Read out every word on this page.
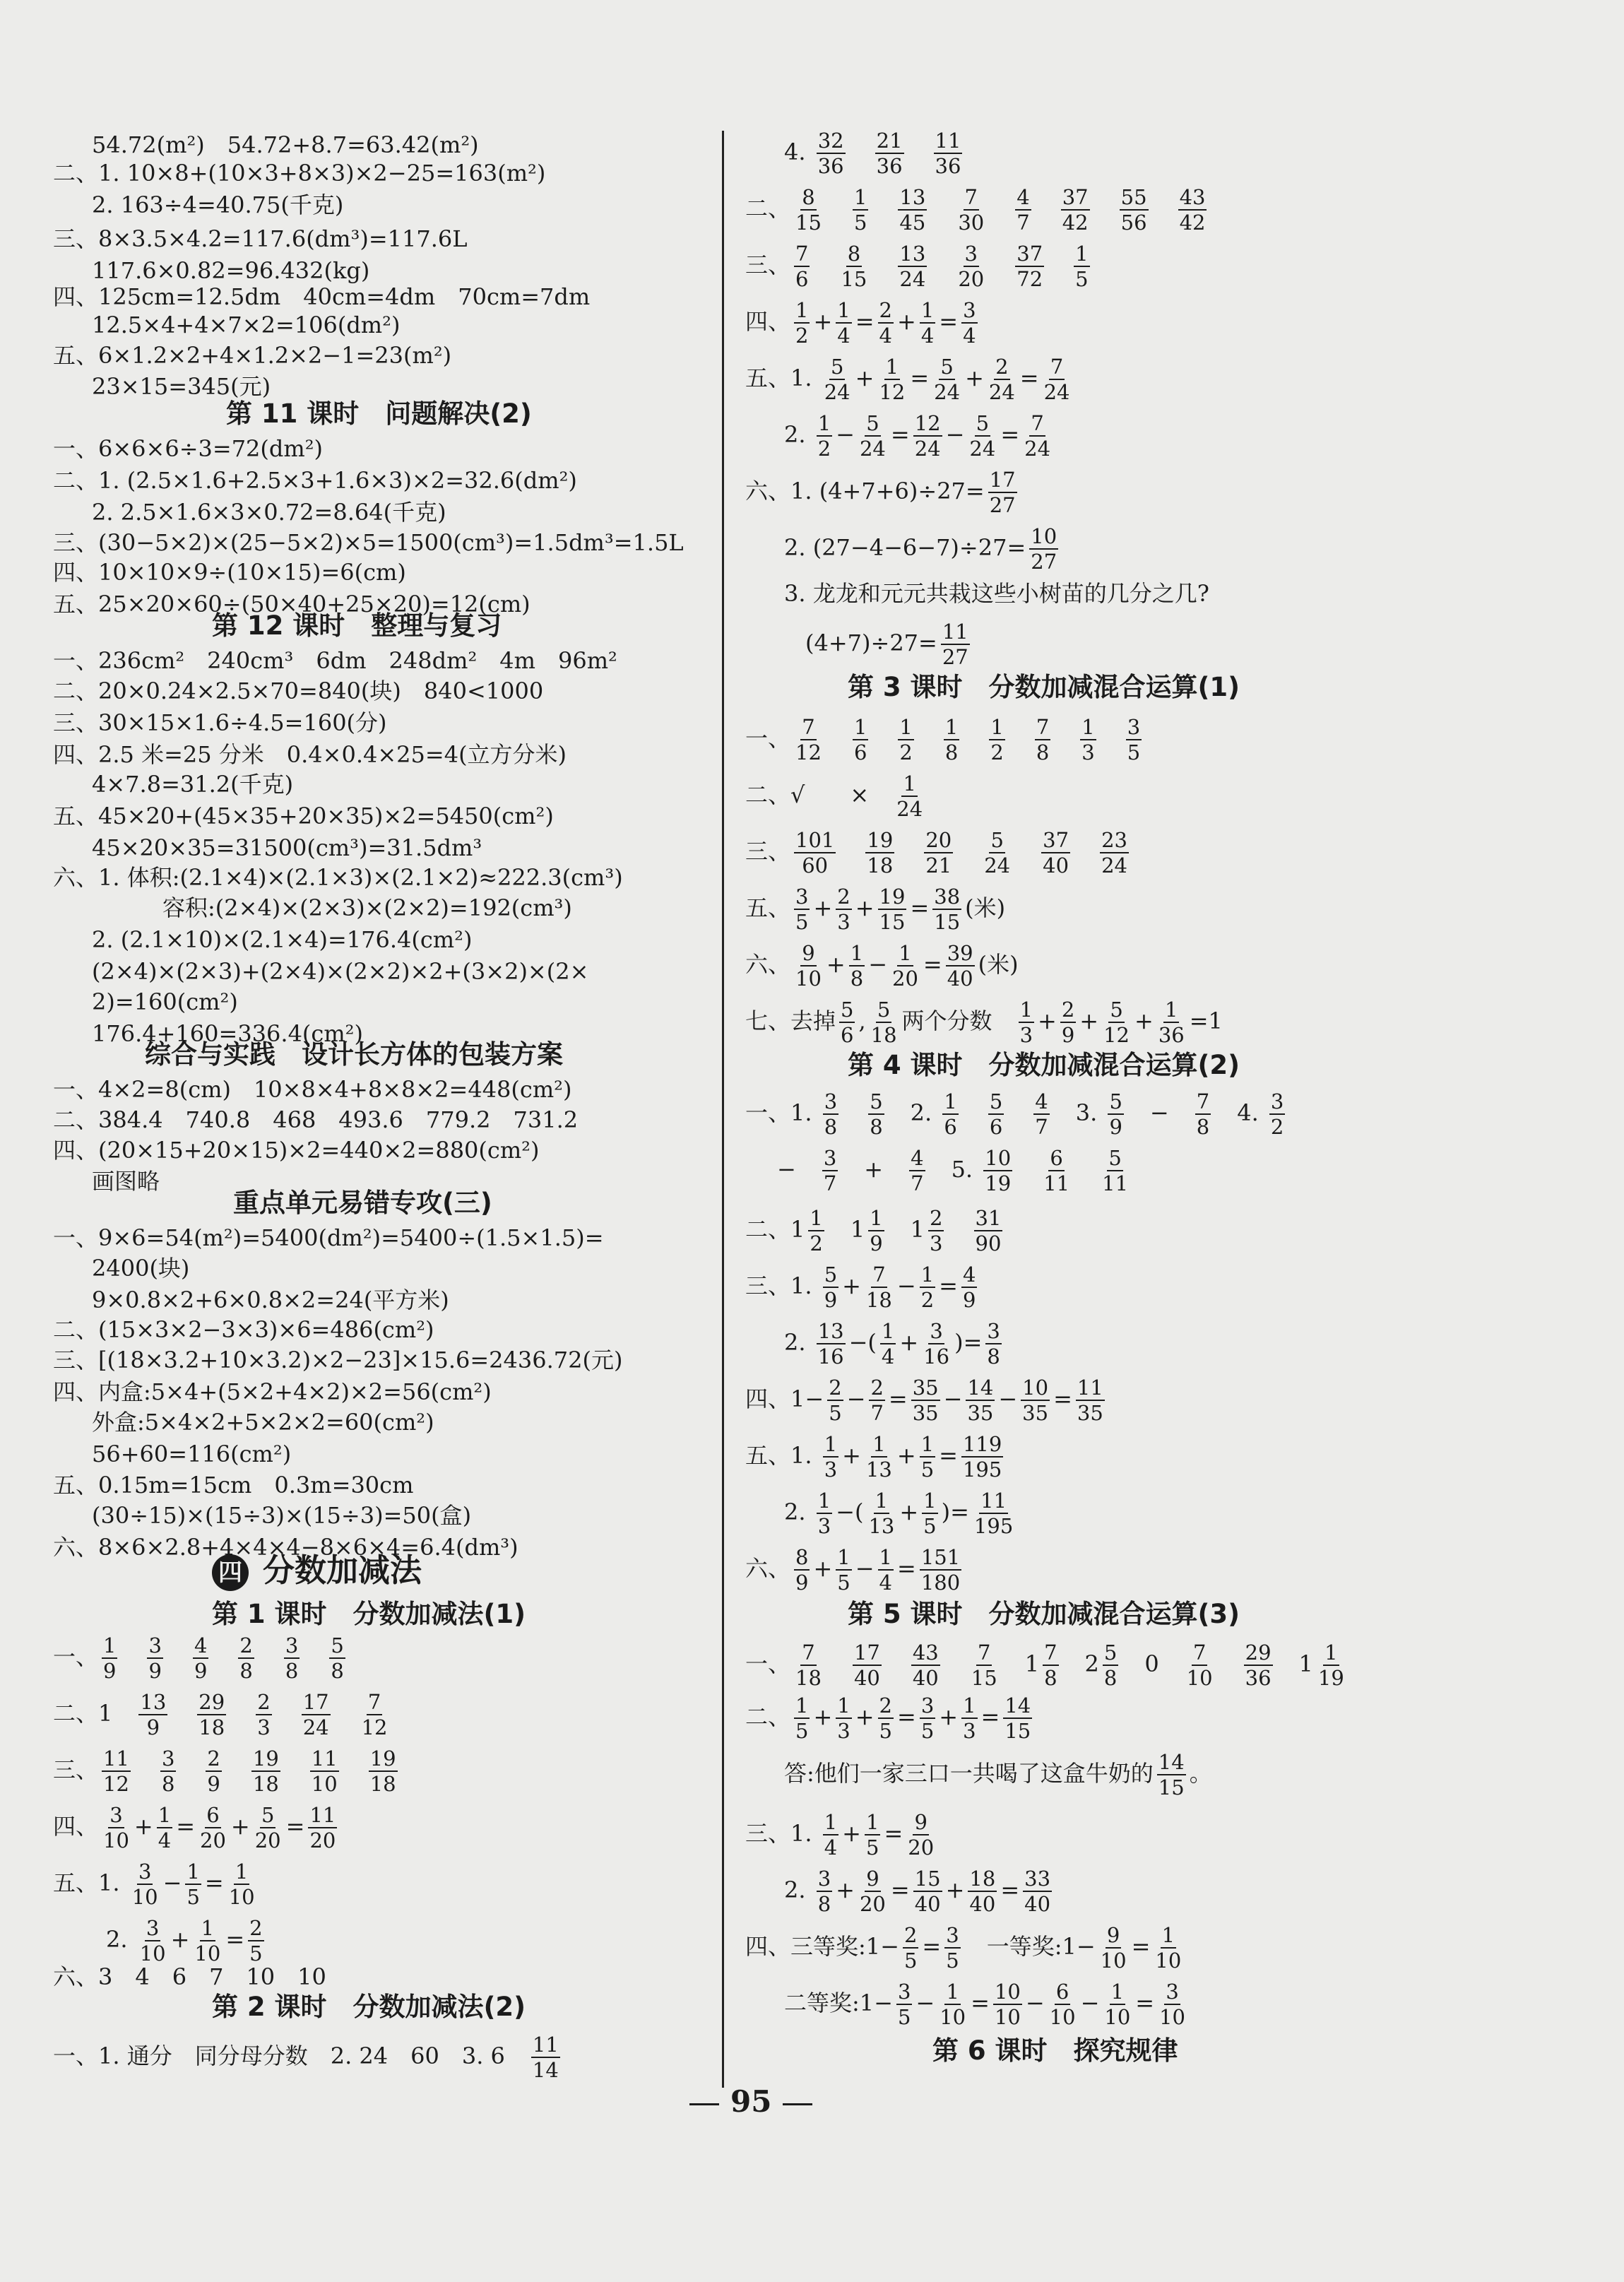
四 分数加减法
第 1 课时　分数加减法(1)
一、 $\frac{1}{9}$
　 $\frac{3}{9}$
　 $\frac{4}{9}$
　 $\frac{2}{8}$
　 $\frac{3}{8}$
　 $\frac{5}{8}$
二、1　 $\frac{13}{9}$
　 $\frac{29}{18}$
　 $\frac{2}{3}$
　 $\frac{17}{24}$
　 $\frac{7}{12}$
三、 $\frac{11}{12}$
　 $\frac{3}{8}$
　 $\frac{2}{9}$
　 $\frac{19}{18}$
　 $\frac{11}{10}$
　 $\frac{19}{18}$
四、 $\frac{3}{10} + \frac{1}{4} = \frac{6}{20} + \frac{5}{20} = \frac{11}{20}$
五、1. $\frac{3}{10} - \frac{1}{5} = \frac{1}{10}$
2. $\frac{3}{10} + \frac{1}{10} = \frac{2}{5}$
六、3　4　6　7　10　10
第 2 课时　分数加减法(2)
一、1. 通分　同分母分数　2. 24　60　3. 6　 $\frac{11}{14}$
4. $\frac{32}{36}$
　 $\frac{21}{36}$
　 $\frac{11}{36}$
二、 $\frac{8}{15}$
　 $\frac{1}{5}$
　 $\frac{13}{45}$
　 $\frac{7}{30}$
　 $\frac{4}{7}$
　 $\frac{37}{42}$
　 $\frac{55}{56}$
　 $\frac{43}{42}$
三、 $\frac{7}{6}$
　 $\frac{8}{15}$
　 $\frac{13}{24}$
　 $\frac{3}{20}$
　 $\frac{37}{72}$
　 $\frac{1}{5}$
四、 $\frac{1}{2} + \frac{1}{4} = \frac{2}{4} + \frac{1}{4} = \frac{3}{4}$
五、1. $\frac{5}{24} + \frac{1}{12} = \frac{5}{24} + \frac{2}{24} = \frac{7}{24}$
2. $\frac{1}{2} - \frac{5}{24} = \frac{12}{24} - \frac{5}{24} = \frac{7}{24}$
六、1. $(4+7+6)\div 27= \frac{17}{27}$
2. $(27-4-6-7)\div 27= \frac{10}{27}$
3. 龙龙和元元共栽这些小树苗的几分之几?
$(4+7)\div 27= \frac{11}{27}$
第 3 课时　分数加减混合运算(1)
一、 $\frac{7}{12}$
　 $\frac{1}{6}$
　 $\frac{1}{2}$
　 $\frac{1}{8}$
　 $\frac{1}{2}$
　 $\frac{7}{8}$
　 $\frac{1}{3}$
　 $\frac{3}{5}$
二、√　　 ×　 $\frac{1}{24}$
三、 $\frac{101}{60}$
　 $\frac{19}{18}$
　 $\frac{20}{21}$
　 $\frac{5}{24}$
　 $\frac{37}{40}$
　 $\frac{23}{24}$
五、 $\frac{3}{5} + \frac{2}{3} + \frac{19}{15} = \frac{38}{15}$ (米)
六、 $\frac{9}{10} + \frac{1}{8} - \frac{1}{20} = \frac{39}{40}$ (米)
七、去掉 $\frac{5}{6}$ , $\frac{5}{18}$ 两个分数　 $\frac{1}{3} + \frac{2}{9} + \frac{5}{12} + \frac{1}{36} =1$
第 4 课时　分数加减混合运算(2)
一、1. $\frac{3}{8}$
　 $\frac{5}{8}$ 　2. $\frac{1}{6}$
　 $\frac{5}{6}$
　 $\frac{4}{7}$ 　3. $\frac{5}{9}$ 　−　 $\frac{7}{8}$ 　4. $\frac{3}{2}$
−　 $\frac{3}{7}$ 　+　 $\frac{4}{7}$ 　5. $\frac{10}{19}$
　 $\frac{6}{11}$
　 $\frac{5}{11}$
二、$1 \frac{1}{2}$ 　$1 \frac{1}{9}$ 　$1 \frac{2}{3}$
　 $\frac{31}{90}$
三、1. $\frac{5}{9} + \frac{7}{18} - \frac{1}{2} = \frac{4}{9}$
2. $\frac{13}{16}$ −( $\frac{1}{4} + \frac{3}{16}$ )= $\frac{3}{8}$
四、$1- \frac{2}{5} - \frac{2}{7} = \frac{35}{35} - \frac{14}{35} - \frac{10}{35} = \frac{11}{35}$
五、1. $\frac{1}{3} + \frac{1}{13} + \frac{1}{5} = \frac{119}{195}$
2. $\frac{1}{3}$ −( $\frac{1}{13} + \frac{1}{5}$ )= $\frac{11}{195}$
六、 $\frac{8}{9} + \frac{1}{5} - \frac{1}{4} = \frac{151}{180}$
第 5 课时　分数加减混合运算(3)
一、 $\frac{7}{18}$
　 $\frac{17}{40}$
　 $\frac{43}{40}$
　 $\frac{7}{15}$ 　$1 \frac{7}{8}$ 　$2 \frac{5}{8}$ 　0　 $\frac{7}{10}$
　 $\frac{29}{36}$ 　$1 \frac{1}{19}$
二、 $\frac{1}{5} + \frac{1}{3} + \frac{2}{5} = \frac{3}{5} + \frac{1}{3} = \frac{14}{15}$
答:他们一家三口一共喝了这盒牛奶的 $\frac{14}{15}$ 。
三、1. $\frac{1}{4} + \frac{1}{5} = \frac{9}{20}$
2. $\frac{3}{8} + \frac{9}{20} = \frac{15}{40} + \frac{18}{40} = \frac{33}{40}$
四、三等奖:1− $\frac{2}{5} = \frac{3}{5}$ 　一等奖:1− $\frac{9}{10} = \frac{1}{10}$
二等奖:1− $\frac{3}{5} - \frac{1}{10} = \frac{10}{10} - \frac{6}{10} - \frac{1}{10} = \frac{3}{10}$
第 6 课时　探究规律
95
54.72(m²)　54.72+8.7=63.42(m²)
二、1. 10×8+(10×3+8×3)×2−25=163(m²)
2. 163÷4=40.75(千克)
三、8×3.5×4.2=117.6(dm³)=117.6L
117.6×0.82=96.432(kg)
四、125cm=12.5dm　40cm=4dm　70cm=7dm
12.5×4+4×7×2=106(dm²)
五、6×1.2×2+4×1.2×2−1=23(m²)
23×15=345(元)
第 11 课时　问题解决(2)
一、6×6×6÷3=72(dm²)
二、1. (2.5×1.6+2.5×3+1.6×3)×2=32.6(dm²)
2. 2.5×1.6×3×0.72=8.64(千克)
三、(30−5×2)×(25−5×2)×5=1500(cm³)=1.5dm³=1.5L
四、10×10×9÷(10×15)=6(cm)
五、25×20×60÷(50×40+25×20)=12(cm)
第 12 课时　整理与复习
一、236cm²　240cm³　6dm　248dm²　4m　96m²
二、20×0.24×2.5×70=840(块)　840<1000
三、30×15×1.6÷4.5=160(分)
四、2.5 米=25 分米　0.4×0.4×25=4(立方分米)
4×7.8=31.2(千克)
五、45×20+(45×35+20×35)×2=5450(cm²)
45×20×35=31500(cm³)=31.5dm³
六、1. 体积:(2.1×4)×(2.1×3)×(2.1×2)≈222.3(cm³)
容积:(2×4)×(2×3)×(2×2)=192(cm³)
2. (2.1×10)×(2.1×4)=176.4(cm²)
(2×4)×(2×3)+(2×4)×(2×2)×2+(3×2)×(2×
2)=160(cm²)
176.4+160=336.4(cm²)
综合与实践　设计长方体的包装方案
一、4×2=8(cm)　10×8×4+8×8×2=448(cm²)
二、384.4　740.8　468　493.6　779.2　731.2
四、(20×15+20×15)×2=440×2=880(cm²)
画图略
重点单元易错专攻(三)
一、9×6=54(m²)=5400(dm²)=5400÷(1.5×1.5)=
2400(块)
9×0.8×2+6×0.8×2=24(平方米)
二、(15×3×2−3×3)×6=486(cm²)
三、[(18×3.2+10×3.2)×2−23]×15.6=2436.72(元)
四、内盒:5×4+(5×2+4×2)×2=56(cm²)
外盒:5×4×2+5×2×2=60(cm²)
56+60=116(cm²)
五、0.15m=15cm　0.3m=30cm
(30÷15)×(15÷3)×(15÷3)=50(盒)
六、8×6×2.8+4×4×4−8×6×4=6.4(dm³)
